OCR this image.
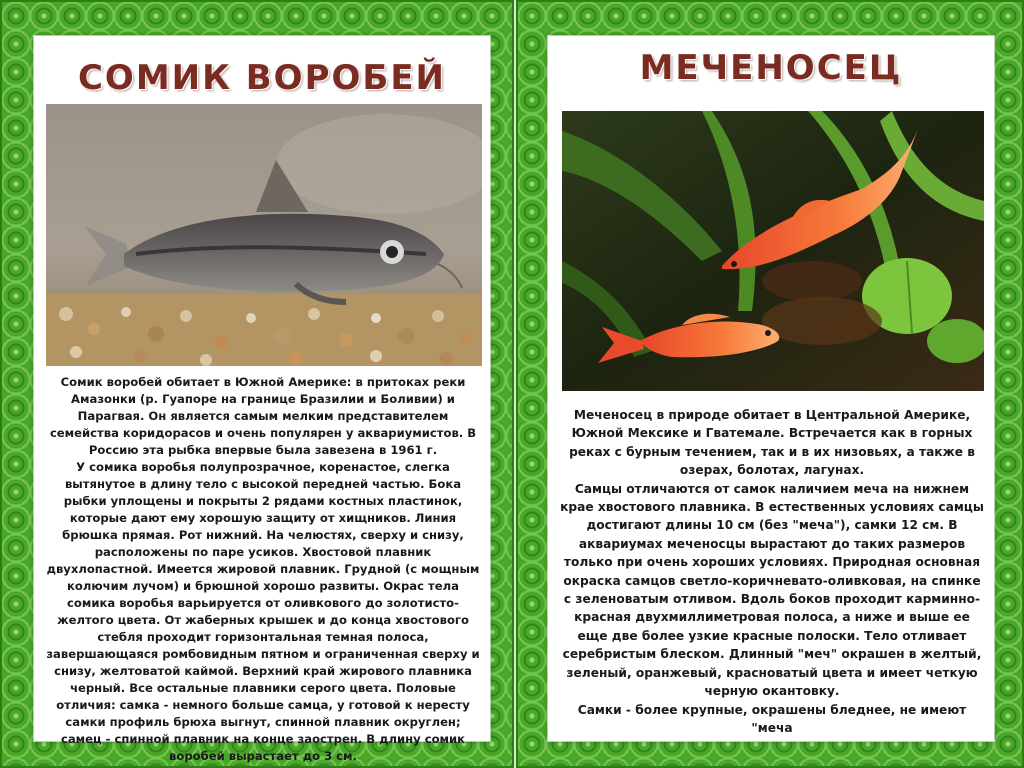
СОМИК ВОРОБЕЙ

Сомик воробей обитает в Южной Америке: в притоках реки Амазонки (р. Гуапоре на границе Бразилии и Боливии) и Парагвая. Он является самым мелким представителем семейства коридорасов и очень популярен у аквариумистов. В Россию эта рыбка впервые была завезена в 1961 г.

У сомика воробья полупрозрачное, коренастое, слегка вытянутое в длину тело с высокой передней частью. Бока рыбки уплощены и покрыты 2 рядами костных пластинок, которые дают ему хорошую защиту от хищников. Линия брюшка прямая. Рот нижний. На челюстях, сверху и снизу, расположены по паре усиков. Хвостовой плавник двухлопастной. Имеется жировой плавник. Грудной (с мощным колючим лучом) и брюшной хорошо развиты. Окрас тела сомика воробья варьируется от оливкового до золотисто-желтого цвета. От жаберных крышек и до конца хвостового стебля проходит горизонтальная темная полоса, завершающаяся ромбовидным пятном и ограниченная сверху и снизу, желтоватой каймой. Верхний край жирового плавника черный. Все остальные плавники серого цвета. Половые отличия: самка - немного больше самца, у готовой к нересту самки профиль брюха выгнут, спинной плавник округлен; самец - спинной плавник на конце заострен. В длину сомик воробей вырастает до 3 см.

МЕЧЕНОСЕЦ

Меченосец в природе обитает в Центральной Америке, Южной Мексике и Гватемале. Встречается как в горных реках с бурным течением, так и в их низовьях, а также в озерах, болотах, лагунах.

Самцы отличаются от самок наличием меча на нижнем крае хвостового плавника. В естественных условиях самцы достигают длины 10 см (без "меча"), самки 12 см. В аквариумах меченосцы вырастают до таких размеров только при очень хороших условиях. Природная основная окраска самцов светло-коричневато-оливковая, на спинке с зеленоватым отливом. Вдоль боков проходит карминно-красная двухмиллиметровая полоса, а ниже и выше ее еще две более узкие красные полоски. Тело отливает серебристым блеском. Длинный "меч" окрашен в желтый, зеленый, оранжевый, красноватый цвета и имеет четкую черную окантовку.

Самки - более крупные, окрашены бледнее, не имеют "меча
